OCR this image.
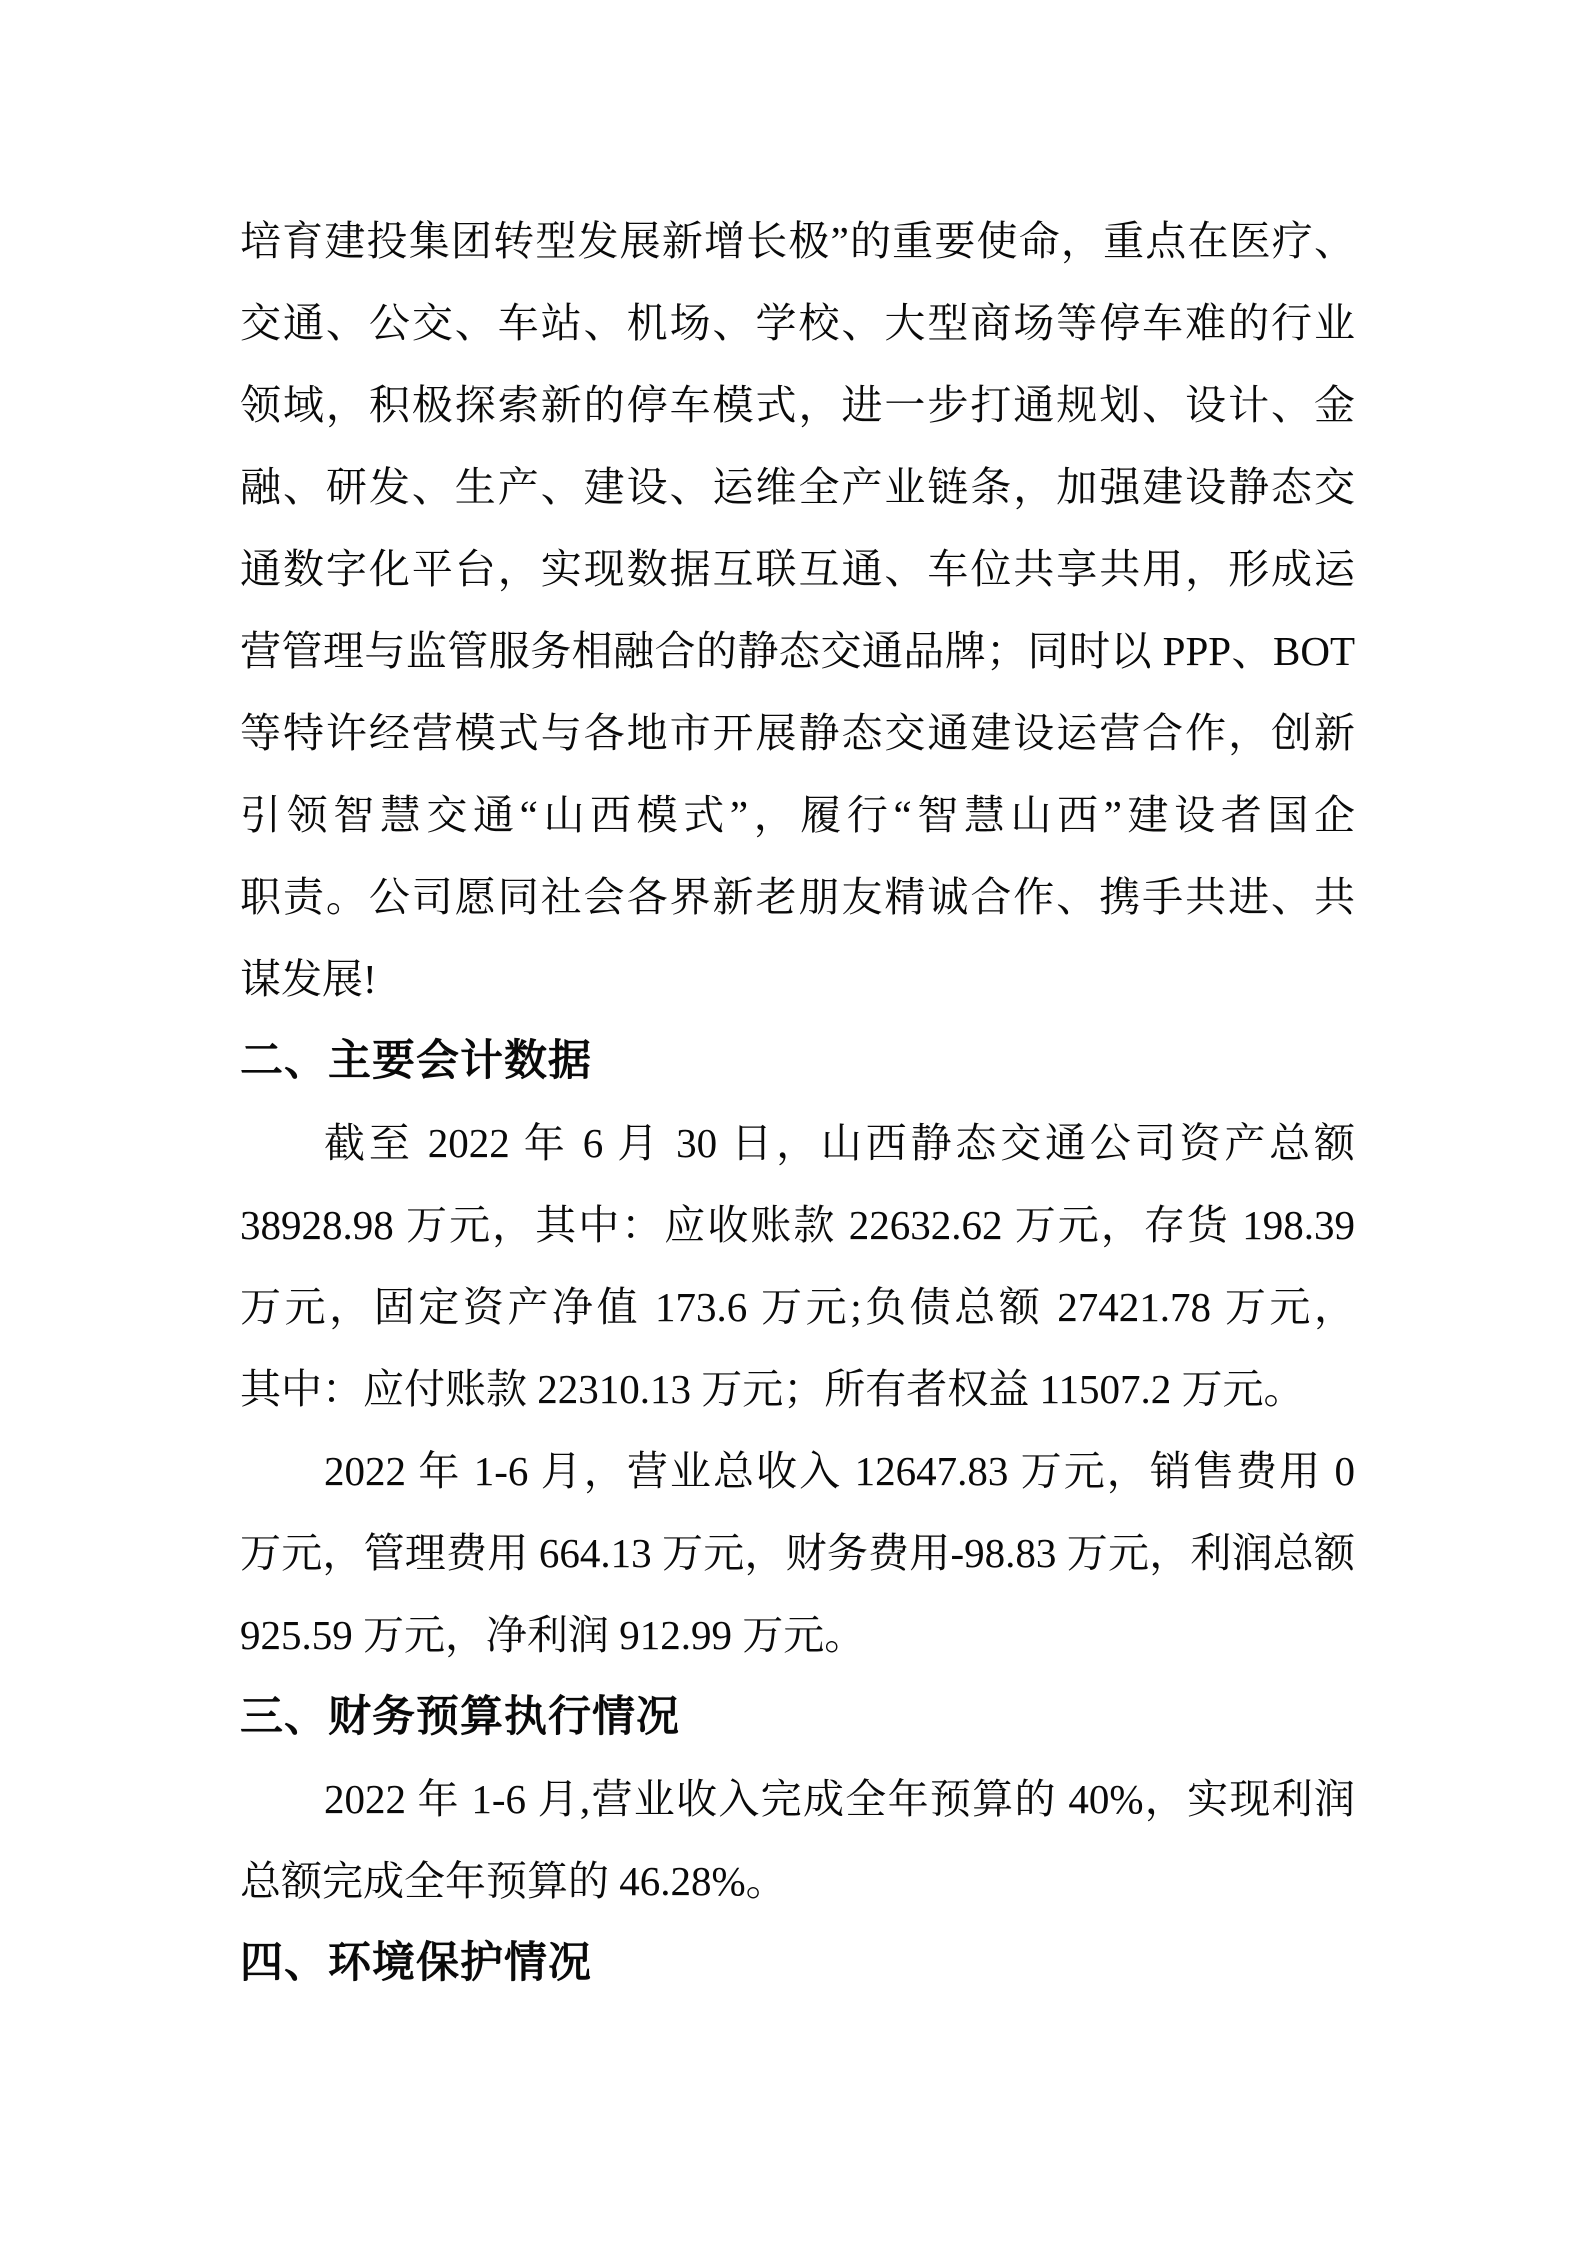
培育建投集团转型发展新增长极”的重要使命，重点在医疗、
交通、公交、车站、机场、学校、大型商场等停车难的行业
领域，积极探索新的停车模式，进一步打通规划、设计、金
融、研发、生产、建设、运维全产业链条，加强建设静态交
通数字化平台，实现数据互联互通、车位共享共用，形成运
营管理与监管服务相融合的静态交通品牌；同时以 PPP、BOT
等特许经营模式与各地市开展静态交通建设运营合作，创新
引领智慧交通“山西模式”，履行“智慧山西”建设者国企
职责。公司愿同社会各界新老朋友精诚合作、携手共进、共
谋发展!
二、主要会计数据
截至 2022 年 6 月 30 日，山西静态交通公司资产总额
38928.98 万元，其中：应收账款 22632.62 万元，存货 198.39
万元，固定资产净值 173.6 万元;负债总额 27421.78 万元，
其中：应付账款 22310.13 万元；所有者权益 11507.2 万元。
2022 年 1-6 月，营业总收入 12647.83 万元，销售费用 0
万元，管理费用 664.13 万元，财务费用-98.83 万元，利润总额
925.59 万元，净利润 912.99 万元。
三、财务预算执行情况
2022 年 1-6 月,营业收入完成全年预算的 40%，实现利润
总额完成全年预算的 46.28%。
四、环境保护情况
